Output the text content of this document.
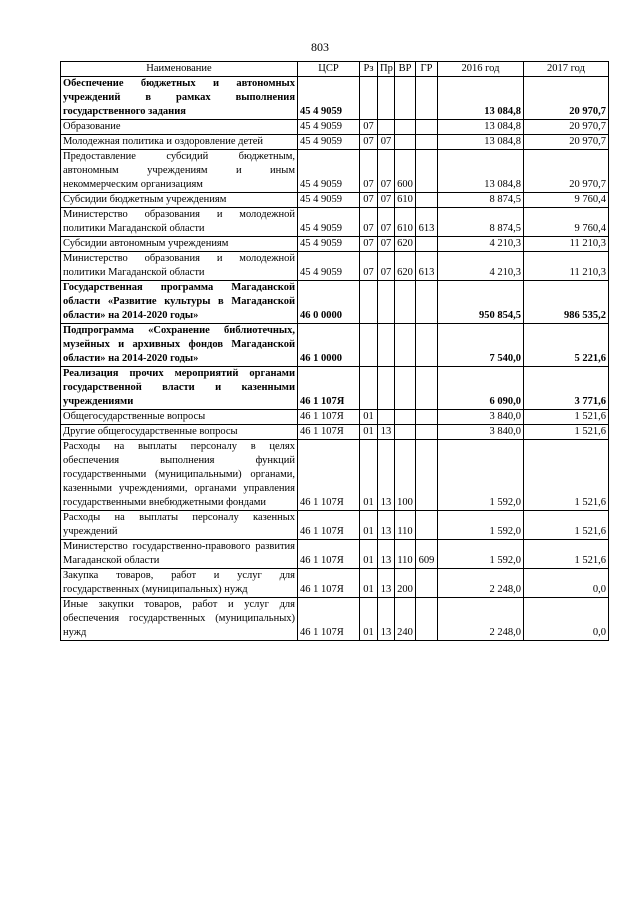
803
Наименование	ЦСР	Рз	Пр	ВР	ГР	2016 год	2017 год
Обеспечение бюджетных и автономных учреждений в рамках выполнения государственного задания	45 4 9059					13 084,8	20 970,7
Образование	45 4 9059	07				13 084,8	20 970,7
Молодежная политика и оздоровление детей	45 4 9059	07	07			13 084,8	20 970,7
Предоставление субсидий бюджетным, автономным учреждениям и иным некоммерческим организациям	45 4 9059	07	07	600		13 084,8	20 970,7
Субсидии бюджетным учреждениям	45 4 9059	07	07	610		8 874,5	9 760,4
Министерство образования и молодежной политики Магаданской области	45 4 9059	07	07	610	613	8 874,5	9 760,4
Субсидии автономным учреждениям	45 4 9059	07	07	620		4 210,3	11 210,3
Министерство образования и молодежной политики Магаданской области	45 4 9059	07	07	620	613	4 210,3	11 210,3
Государственная программа Магаданской области «Развитие культуры в Магаданской области» на 2014-2020 годы»	46 0 0000					950 854,5	986 535,2
Подпрограмма «Сохранение библиотечных, музейных и архивных фондов Магаданской области» на 2014-2020 годы»	46 1 0000					7 540,0	5 221,6
Реализация прочих мероприятий органами государственной власти и казенными учреждениями	46 1 107Я					6 090,0	3 771,6
Общегосударственные вопросы	46 1 107Я	01				3 840,0	1 521,6
Другие общегосударственные вопросы	46 1 107Я	01	13			3 840,0	1 521,6
Расходы на выплаты персоналу в целях обеспечения выполнения функций государственными (муниципальными) органами, казенными учреждениями, органами управления государственными внебюджетными фондами	46 1 107Я	01	13	100		1 592,0	1 521,6
Расходы на выплаты персоналу казенных учреждений	46 1 107Я	01	13	110		1 592,0	1 521,6
Министерство государственно-правового развития Магаданской области	46 1 107Я	01	13	110	609	1 592,0	1 521,6
Закупка товаров, работ и услуг для государственных (муниципальных) нужд	46 1 107Я	01	13	200		2 248,0	0,0
Иные закупки товаров, работ и услуг для обеспечения государственных (муниципальных) нужд	46 1 107Я	01	13	240		2 248,0	0,0
